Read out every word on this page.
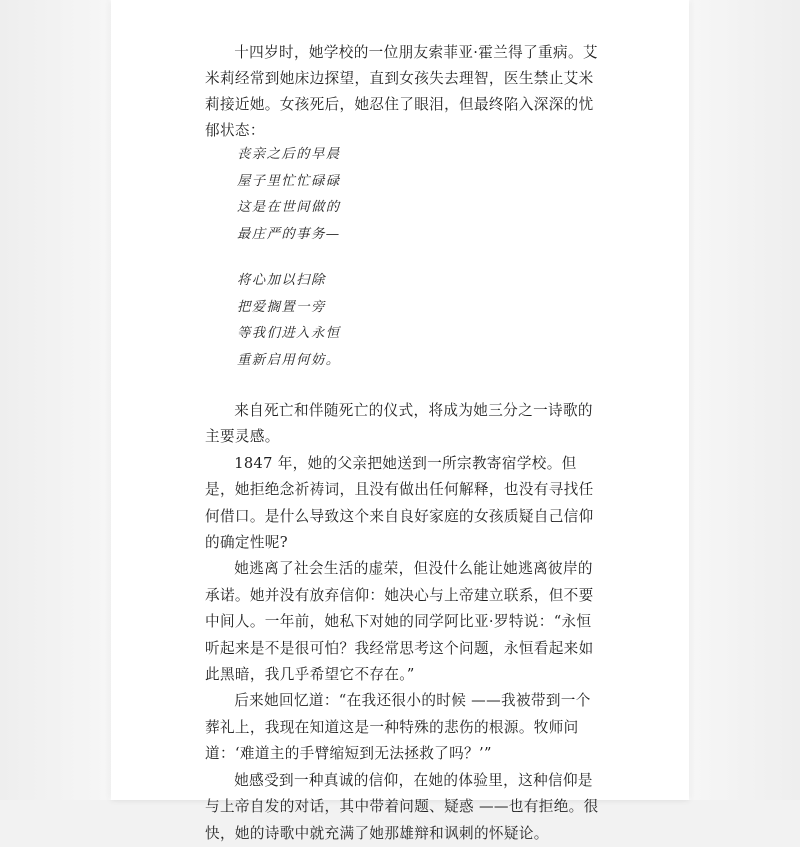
十四岁时，她学校的一位朋友索菲亚·霍兰得了重病。艾米莉经常到她床边探望，直到女孩失去理智，医生禁止艾米莉接近她。女孩死后，她忍住了眼泪，但最终陷入深深的忧郁状态：

丧亲之后的早晨
屋子里忙忙碌碌
这是在世间做的
最庄严的事务—
将心加以扫除
把爱搁置一旁
等我们进入永恒
重新启用何妨。

来自死亡和伴随死亡的仪式，将成为她三分之一诗歌的主要灵感。

1847 年，她的父亲把她送到一所宗教寄宿学校。但是，她拒绝念祈祷词，且没有做出任何解释，也没有寻找任何借口。是什么导致这个来自良好家庭的女孩质疑自己信仰的确定性呢?

她逃离了社会生活的虚荣，但没什么能让她逃离彼岸的承诺。她并没有放弃信仰：她决心与上帝建立联系，但不要中间人。一年前，她私下对她的同学阿比亚·罗特说：“永恒听起来是不是很可怕？我经常思考这个问题，永恒看起来如此黑暗，我几乎希望它不存在。”

后来她回忆道：“在我还很小的时候 ——我被带到一个葬礼上，我现在知道这是一种特殊的悲伤的根源。牧师问道：‘难道主的手臂缩短到无法拯救了吗？’”

她感受到一种真诚的信仰，在她的体验里，这种信仰是与上帝自发的对话，其中带着问题、疑惑 ——也有拒绝。很快，她的诗歌中就充满了她那雄辩和讽刺的怀疑论。
